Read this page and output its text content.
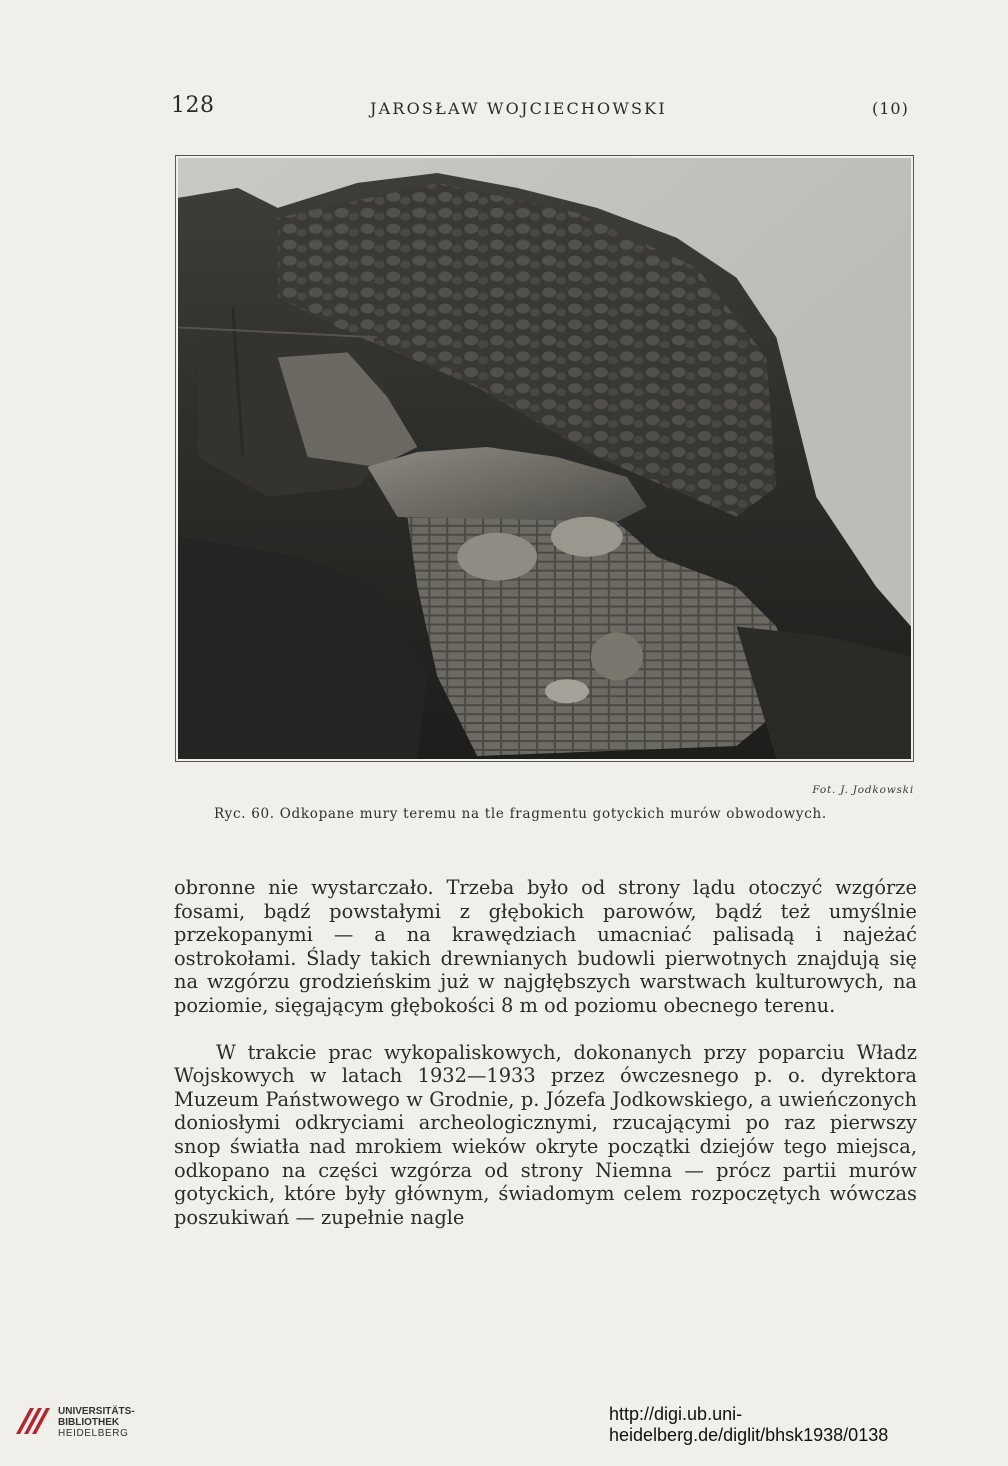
128	JAROSŁAW WOJCIECHOWSKI	(10)
Fot. J. Jodkowski
Ryc. 60. Odkopane mury teremu na tle fragmentu gotyckich murów obwodowych.

obronne nie wystarczało. Trzeba było od strony lądu otoczyć wzgórze fosami, bądź powstałymi z głębokich parowów, bądź też umyślnie przekopanymi — a na krawędziach umacniać palisadą i najeżać ostrokołami. Ślady takich drewnianych budowli pierwotnych znajdują się na wzgórzu grodzieńskim już w najgłębszych warstwach kulturowych, na poziomie, sięgającym głębokości 8 m od poziomu obecnego terenu.

W trakcie prac wykopaliskowych, dokonanych przy poparciu Władz Wojskowych w latach 1932—1933 przez ówczesnego p. o. dyrektora Muzeum Państwowego w Grodnie, p. Józefa Jodkowskiego, a uwieńczonych doniosłymi odkryciami archeologicznymi, rzucającymi po raz pierwszy snop światła nad mrokiem wieków okryte początki dziejów tego miejsca, odkopano na części wzgórza od strony Niemna — prócz partii murów gotyckich, które były głównym, świadomym celem rozpoczętych wówczas poszukiwań — zupełnie nagle

UNIVERSITÄTS-
BIBLIOTHEK
HEIDELBERG
http://digi.ub.uni-heidelberg.de/diglit/bhsk1938/0138
